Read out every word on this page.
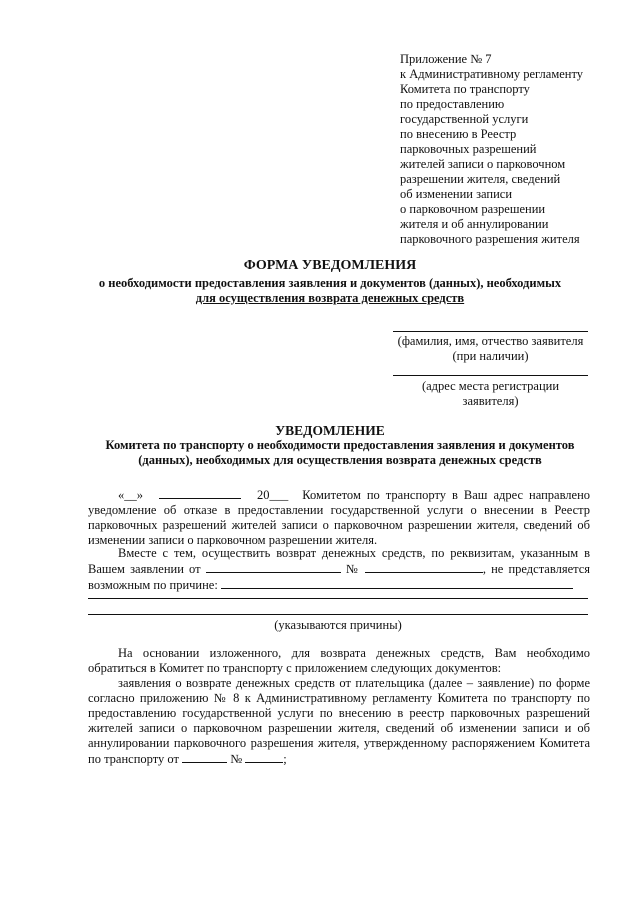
Приложение № 7
к Административному регламенту
Комитета по транспорту
по предоставлению
государственной услуги
по внесению в Реестр
парковочных разрешений
жителей записи о парковочном
разрешении жителя, сведений
об изменении записи
о парковочном разрешении
жителя и об аннулировании
парковочного разрешения жителя
ФОРМА УВЕДОМЛЕНИЯ
о необходимости предоставления заявления и документов (данных), необходимых
для осуществления возврата денежных средств
(фамилия, имя, отчество заявителя
(при наличии)
(адрес места регистрации
заявителя)
УВЕДОМЛЕНИЕ
Комитета по транспорту о необходимости предоставления заявления и документов
(данных), необходимых для осуществления возврата денежных средств

«__»	20___ Комитетом по транспорту в Ваш адрес направлено уведомление об отказе в предоставлении государственной услуги о внесении в Реестр парковочных разрешений жителей записи о парковочном разрешении жителя, сведений об изменении записи о парковочном разрешении жителя.

Вместе с тем, осуществить возврат денежных средств, по реквизитам, указанным в Вашем заявлении от	№	, не представляется возможным по причине:

(указываются причины)

На основании изложенного, для возврата денежных средств, Вам необходимо обратиться в Комитет по транспорту с приложением следующих документов:

заявления о возврате денежных средств от плательщика (далее – заявление) по форме согласно приложению № 8 к Административному регламенту Комитета по транспорту по предоставлению государственной услуги по внесению в реестр парковочных разрешений жителей записи о парковочном разрешении жителя, сведений об изменении записи и об аннулировании парковочного разрешения жителя, утвержденному распоряжением Комитета по транспорту от	№	;
